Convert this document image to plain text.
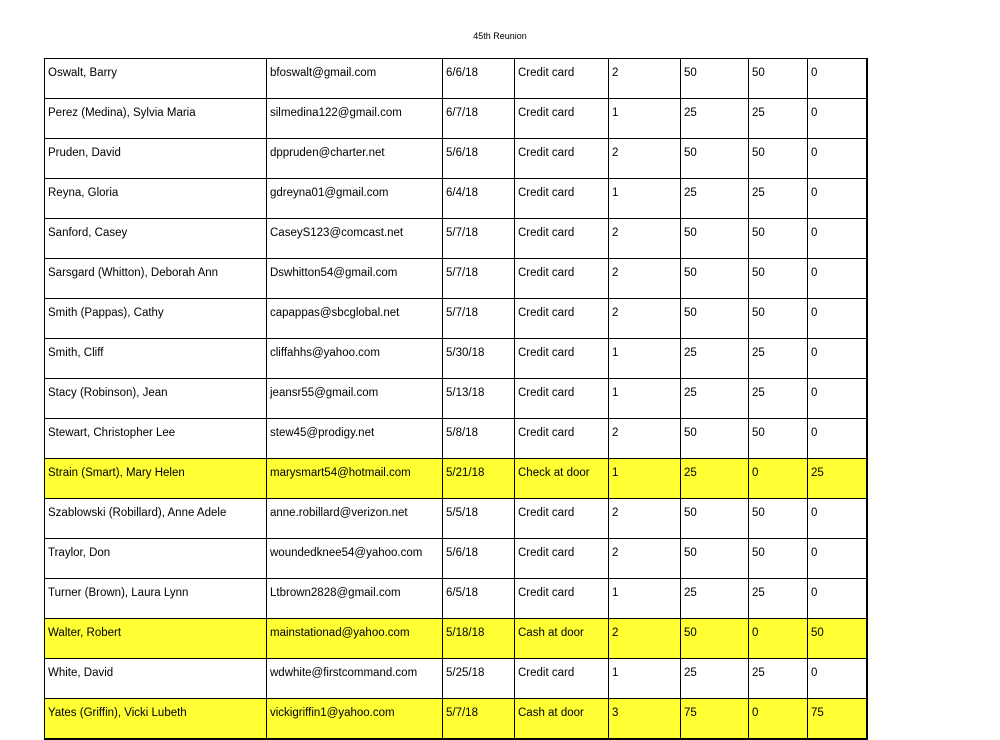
45th Reunion
Oswalt, Barry	bfoswalt@gmail.com	6/6/18	Credit card	2	50	50	0
Perez (Medina), Sylvia Maria	silmedina122@gmail.com	6/7/18	Credit card	1	25	25	0
Pruden, David	dppruden@charter.net	5/6/18	Credit card	2	50	50	0
Reyna, Gloria	gdreyna01@gmail.com	6/4/18	Credit card	1	25	25	0
Sanford, Casey	CaseyS123@comcast.net	5/7/18	Credit card	2	50	50	0
Sarsgard (Whitton), Deborah Ann	Dswhitton54@gmail.com	5/7/18	Credit card	2	50	50	0
Smith (Pappas), Cathy	capappas@sbcglobal.net	5/7/18	Credit card	2	50	50	0
Smith, Cliff	cliffahhs@yahoo.com	5/30/18	Credit card	1	25	25	0
Stacy (Robinson), Jean	jeansr55@gmail.com	5/13/18	Credit card	1	25	25	0
Stewart, Christopher Lee	stew45@prodigy.net	5/8/18	Credit card	2	50	50	0
Strain (Smart), Mary Helen	marysmart54@hotmail.com	5/21/18	Check at door	1	25	0	25
Szablowski (Robillard), Anne Adele	anne.robillard@verizon.net	5/5/18	Credit card	2	50	50	0
Traylor, Don	woundedknee54@yahoo.com	5/6/18	Credit card	2	50	50	0
Turner (Brown), Laura Lynn	Ltbrown2828@gmail.com	6/5/18	Credit card	1	25	25	0
Walter, Robert	mainstationad@yahoo.com	5/18/18	Cash at door	2	50	0	50
White, David	wdwhite@firstcommand.com	5/25/18	Credit card	1	25	25	0
Yates (Griffin), Vicki Lubeth	vickigriffin1@yahoo.com	5/7/18	Cash at door	3	75	0	75
